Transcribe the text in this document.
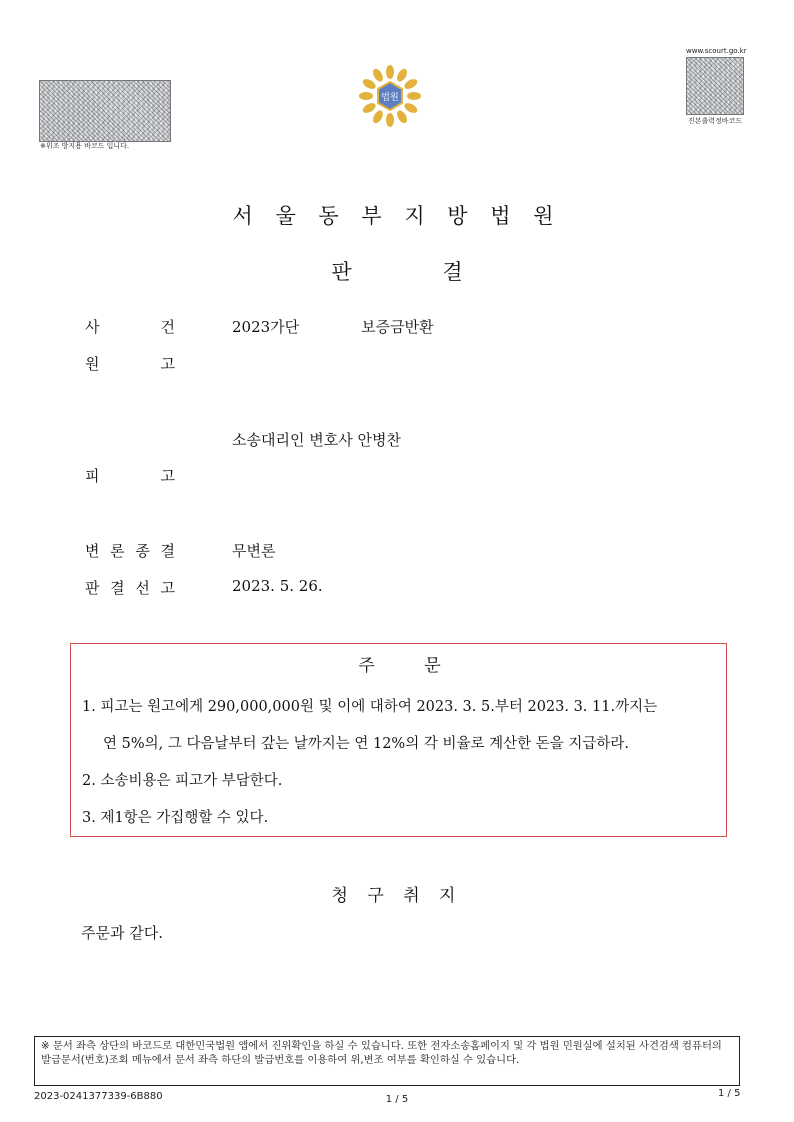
※위조 방지용 바코드 입니다.
법원
www.scourt.go.kr
진본출력정바코드
서 울 동 부 지 방 법 원
판 결
사	건	2023가단             보증금반환
원	고
소송대리인 변호사 안병찬
피	고
변 론 종 결	무변론
판 결 선 고	2023. 5. 26.
주 문
1. 피고는 원고에게 290,000,000원 및 이에 대하여 2023. 3. 5.부터 2023. 3. 11.까지는
연 5%의, 그 다음날부터 갚는 날까지는 연 12%의 각 비율로 계산한 돈을 지급하라.
2. 소송비용은 피고가 부담한다.
3. 제1항은 가집행할 수 있다.
청 구 취 지
주문과 같다.
※ 문서 좌측 상단의 바코드로 대한민국법원 앱에서 진위확인을 하실 수 있습니다. 또한 전자소송홈페이지 및 각 법원 민원실에 설치된 사건검색 컴퓨터의 발급문서(번호)조회 메뉴에서 문서 좌측 하단의 발급번호를 이용하여 위,변조 여부를 확인하실 수 있습니다.
2023-0241377339-6B880	1 / 5
1 / 5
